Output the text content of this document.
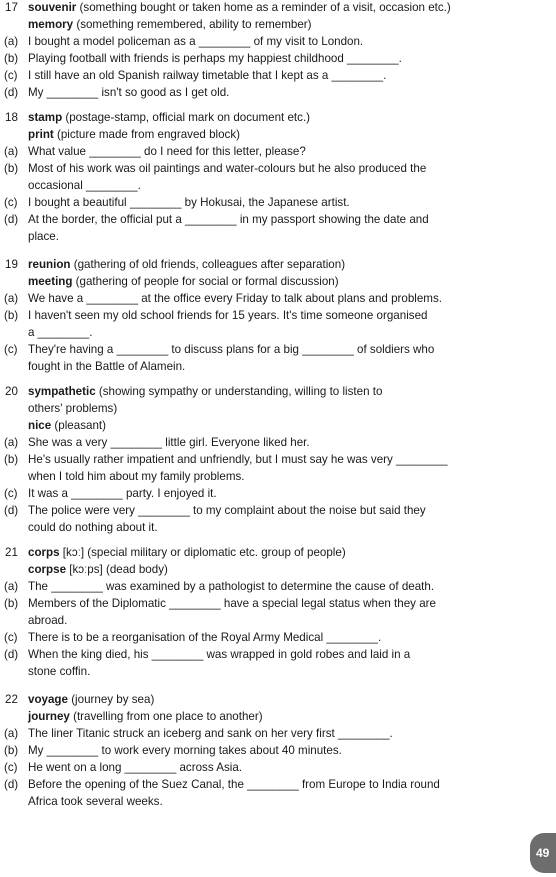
17 souvenir (something bought or taken home as a reminder of a visit, occasion etc.)
memory (something remembered, ability to remember)
(a) I bought a model policeman as a ________ of my visit to London.
(b) Playing football with friends is perhaps my happiest childhood ________.
(c) I still have an old Spanish railway timetable that I kept as a ________.
(d) My ________ isn't so good as I get old.
18 stamp (postage-stamp, official mark on document etc.)
print (picture made from engraved block)
(a) What value ________ do I need for this letter, please?
(b) Most of his work was oil paintings and water-colours but he also produced the
occasional ________.
(c) I bought a beautiful ________ by Hokusai, the Japanese artist.
(d) At the border, the official put a ________ in my passport showing the date and
place.
19 reunion (gathering of old friends, colleagues after separation)
meeting (gathering of people for social or formal discussion)
(a) We have a ________ at the office every Friday to talk about plans and problems.
(b) I haven't seen my old school friends for 15 years. It's time someone organised
a ________.
(c) They're having a ________ to discuss plans for a big ________ of soldiers who
fought in the Battle of Alamein.
20 sympathetic (showing sympathy or understanding, willing to listen to
others' problems)
nice (pleasant)
(a) She was a very ________ little girl. Everyone liked her.
(b) He's usually rather impatient and unfriendly, but I must say he was very ________
when I told him about my family problems.
(c) It was a ________ party. I enjoyed it.
(d) The police were very ________ to my complaint about the noise but said they
could do nothing about it.
21 corps [kɔː] (special military or diplomatic etc. group of people)
corpse [kɔːps] (dead body)
(a) The ________ was examined by a pathologist to determine the cause of death.
(b) Members of the Diplomatic ________ have a special legal status when they are
abroad.
(c) There is to be a reorganisation of the Royal Army Medical ________.
(d) When the king died, his ________ was wrapped in gold robes and laid in a
stone coffin.
22 voyage (journey by sea)
journey (travelling from one place to another)
(a) The liner Titanic struck an iceberg and sank on her very first ________.
(b) My ________ to work every morning takes about 40 minutes.
(c) He went on a long ________ across Asia.
(d) Before the opening of the Suez Canal, the ________ from Europe to India round
Africa took several weeks.
49
